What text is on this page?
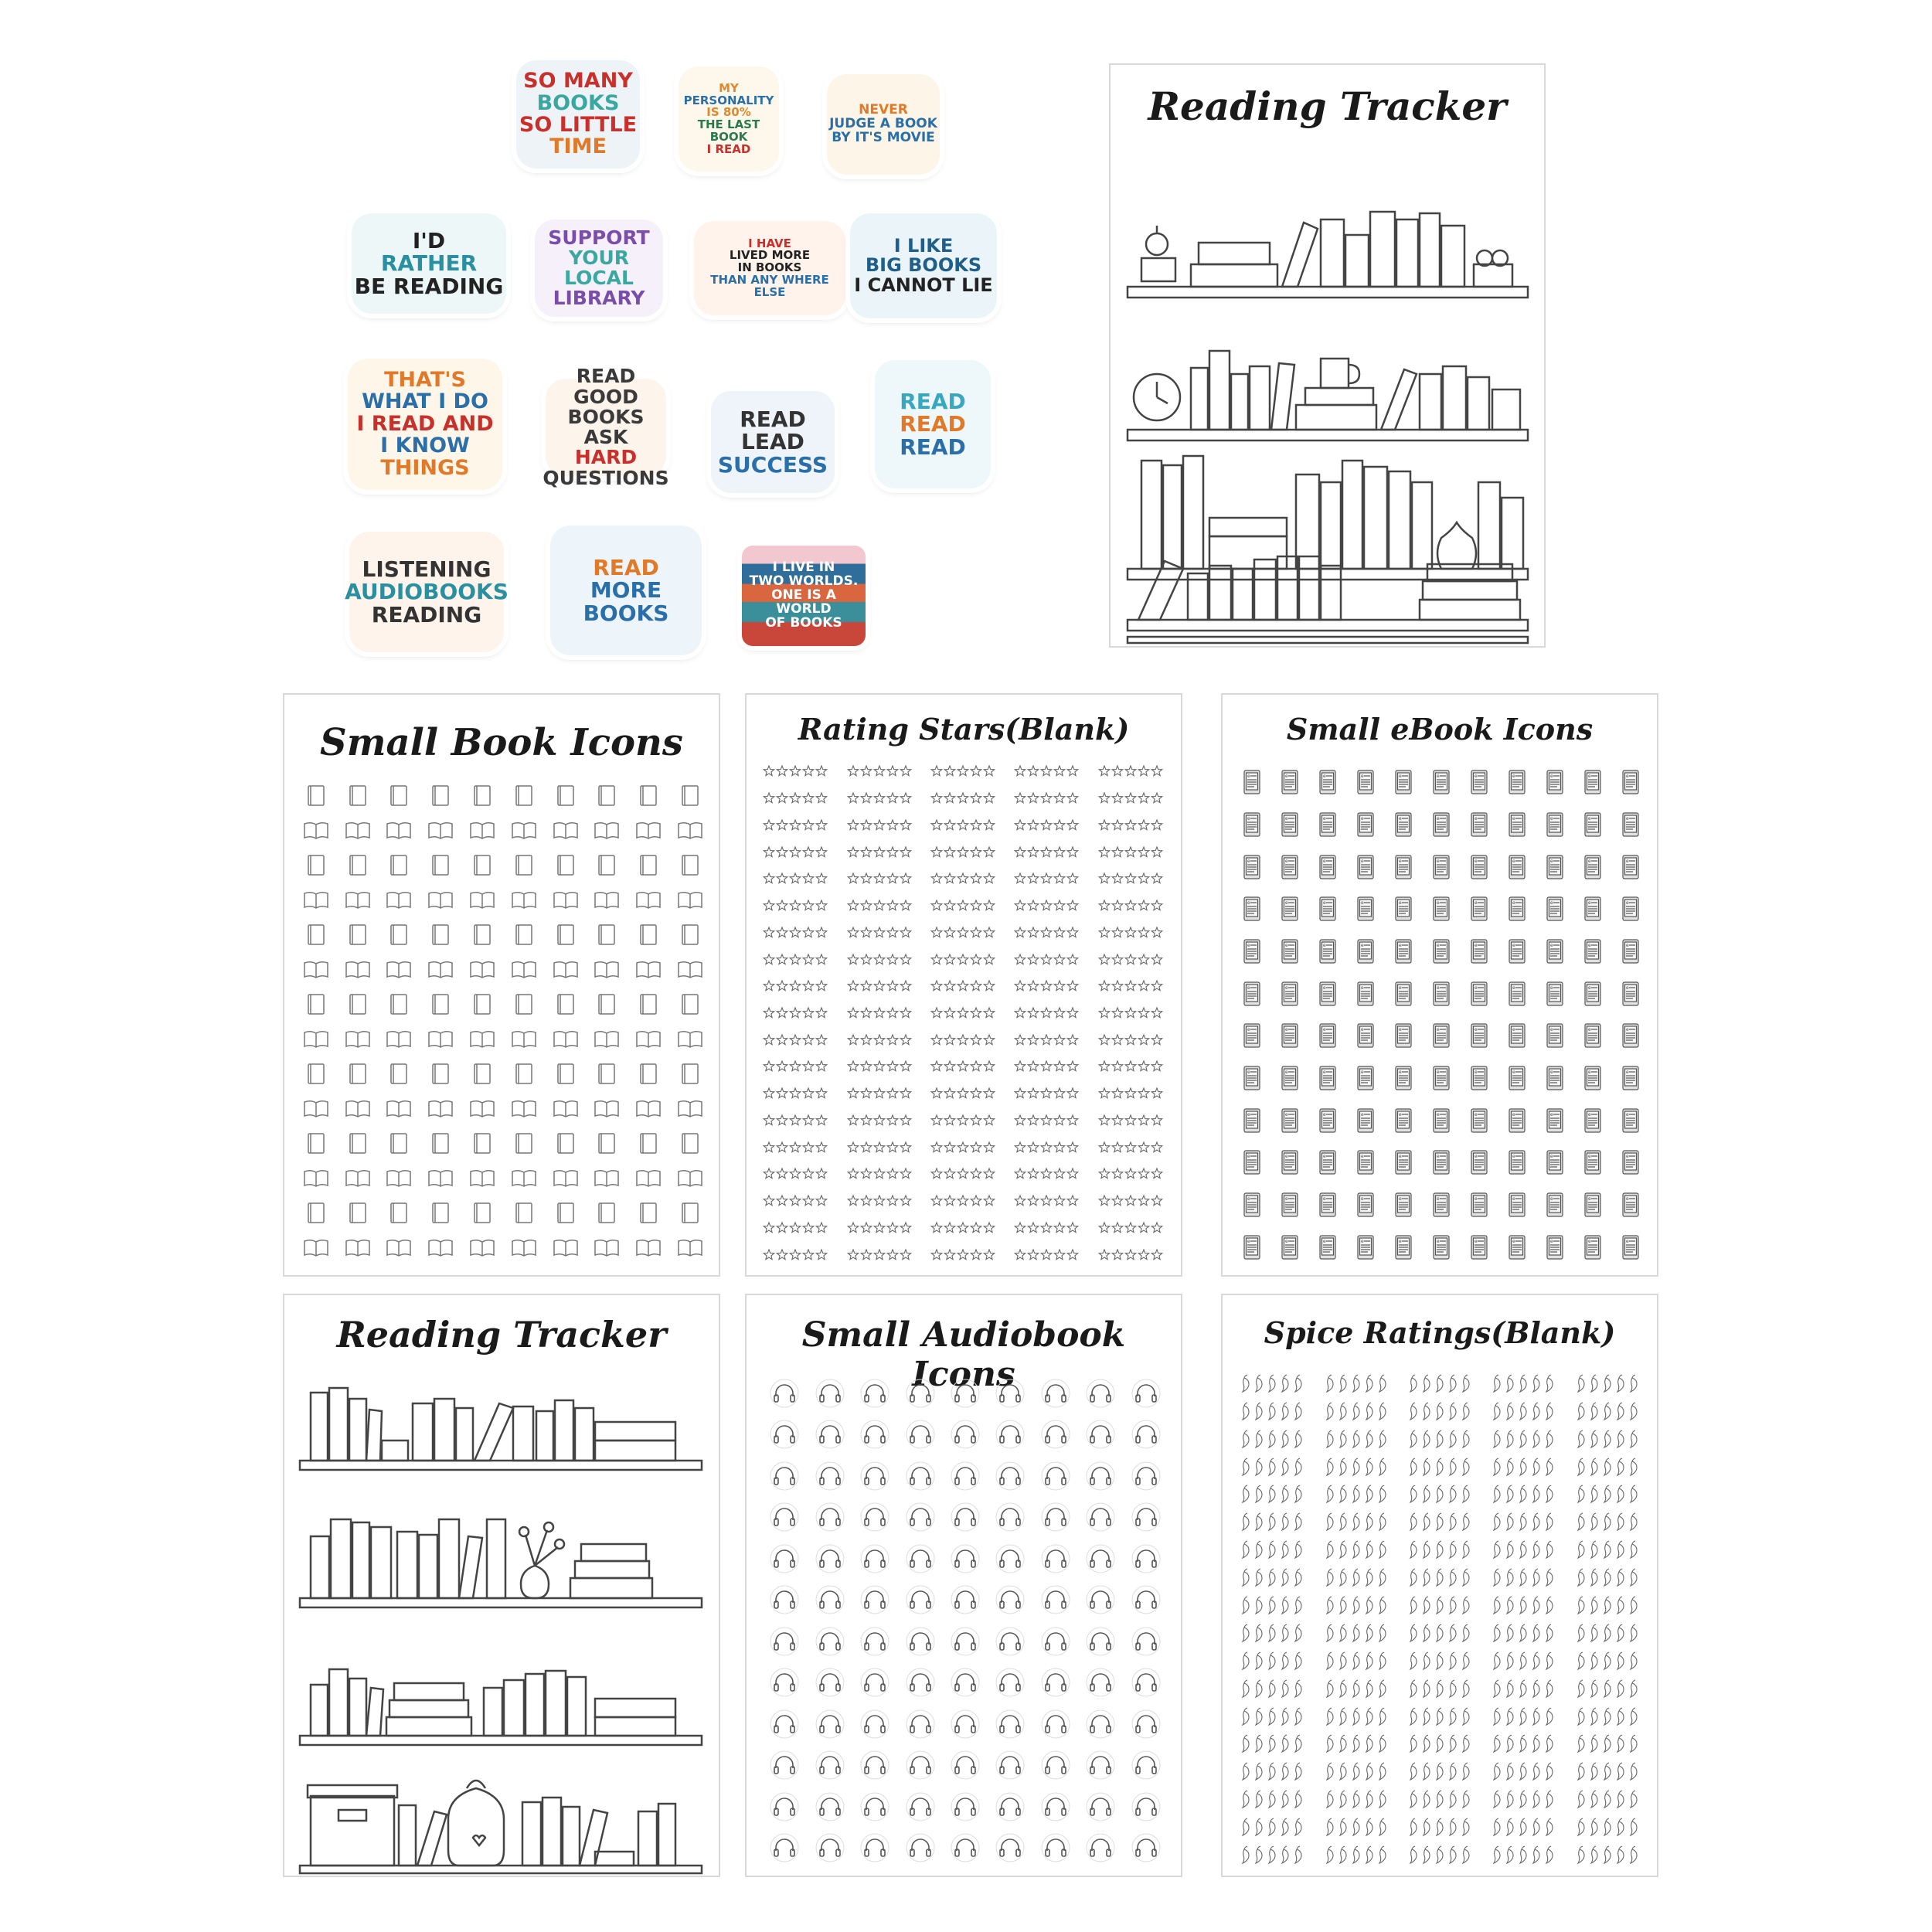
SO MANY
BOOKS
SO LITTLE
TIME
MY
PERSONALITY
IS 80%
THE LAST BOOK
I READ
NEVER
JUDGE A BOOK
BY IT'S MOVIE
I'D
RATHER
BE READING
SUPPORT
YOUR LOCAL
LIBRARY
I HAVE
LIVED MORE
IN BOOKS
THAN ANY WHERE ELSE
I LIKE
BIG BOOKS
I CANNOT LIE
THAT'S
WHAT I DO
I READ AND
I KNOW
THINGS
READ GOOD
BOOKS ASK
HARD
QUESTIONS
READ
LEAD
SUCCESS
READ
READ
READ
LISTENING
AUDIOBOOKS
READING
READ
MORE BOOKS
I LIVE IN
TWO WORLDS.
ONE IS A WORLD
OF BOOKS
Reading Tracker
Small Book Icons	Rating Stars(Blank)	Small eBook Icons
e	e	e	e	e	e	e	e	e	e	e
e	e	e	e	e	e	e	e	e	e	e
e	e	e	e	e	e	e	e	e	e	e
e	e	e	e	e	e	e	e	e	e	e
e	e	e	e	e	e	e	e	e	e	e
e	e	e	e	e	e	e	e	e	e	e
e	e	e	e	e	e	e	e	e	e	e
e	e	e	e	e	e	e	e	e	e	e
e	e	e	e	e	e	e	e	e	e	e
e	e	e	e	e	e	e	e	e	e	e
e	e	e	e	e	e	e	e	e	e	e
e	e	e	e	e	e	e	e	e	e	e
Reading Tracker	Small Audiobook Icons
Spice Ratings(Blank)
